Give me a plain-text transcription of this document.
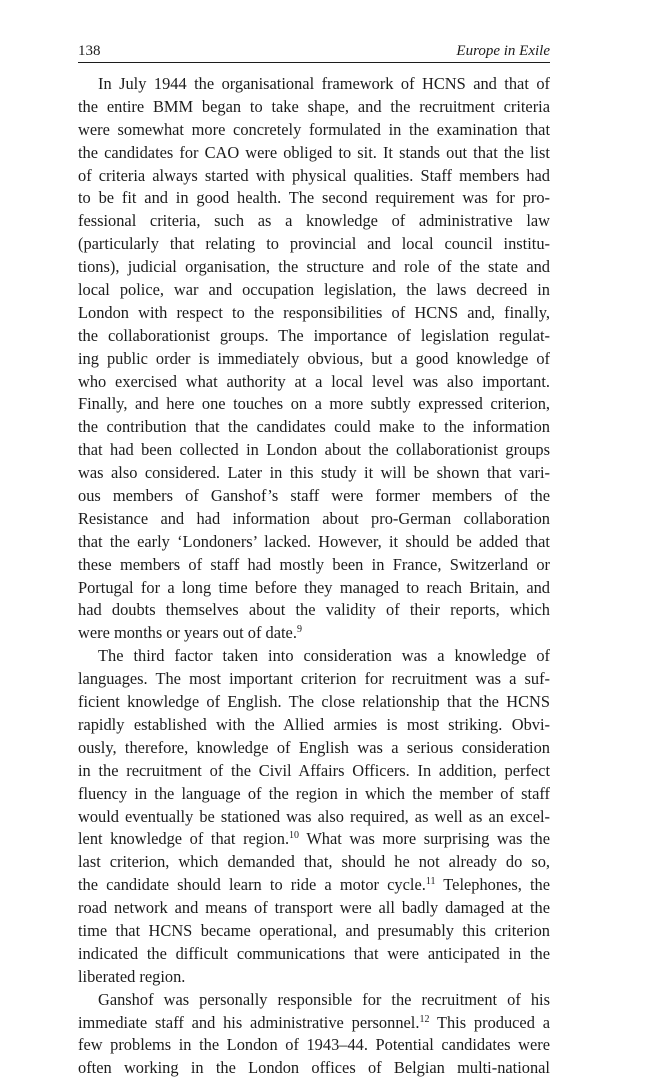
138	Europe in Exile
In July 1944 the organisational framework of HCNS and that of
the entire BMM began to take shape, and the recruitment criteria
were somewhat more concretely formulated in the examination that
the candidates for CAO were obliged to sit. It stands out that the list
of criteria always started with physical qualities. Staff members had
to be fit and in good health. The second requirement was for pro-
fessional criteria, such as a knowledge of administrative law
(particularly that relating to provincial and local council institu-
tions), judicial organisation, the structure and role of the state and
local police, war and occupation legislation, the laws decreed in
London with respect to the responsibilities of HCNS and, finally,
the collaborationist groups. The importance of legislation regulat-
ing public order is immediately obvious, but a good knowledge of
who exercised what authority at a local level was also important.
Finally, and here one touches on a more subtly expressed criterion,
the contribution that the candidates could make to the information
that had been collected in London about the collaborationist groups
was also considered. Later in this study it will be shown that vari-
ous members of Ganshof’s staff were former members of the
Resistance and had information about pro-German collaboration
that the early ‘Londoners’ lacked. However, it should be added that
these members of staff had mostly been in France, Switzerland or
Portugal for a long time before they managed to reach Britain, and
had doubts themselves about the validity of their reports, which
were months or years out of date.$^9$
The third factor taken into consideration was a knowledge of
languages. The most important criterion for recruitment was a suf-
ficient knowledge of English. The close relationship that the HCNS
rapidly established with the Allied armies is most striking. Obvi-
ously, therefore, knowledge of English was a serious consideration
in the recruitment of the Civil Affairs Officers. In addition, perfect
fluency in the language of the region in which the member of staff
would eventually be stationed was also required, as well as an excel-
lent knowledge of that region.$^{10}$ What was more surprising was the
last criterion, which demanded that, should he not already do so,
the candidate should learn to ride a motor cycle.$^{11}$ Telephones, the
road network and means of transport were all badly damaged at the
time that HCNS became operational, and presumably this criterion
indicated the difficult communications that were anticipated in the
liberated region.
Ganshof was personally responsible for the recruitment of his
immediate staff and his administrative personnel.$^{12}$ This produced a
few problems in the London of 1943–44. Potential candidates were
often working in the London offices of Belgian multi-national
